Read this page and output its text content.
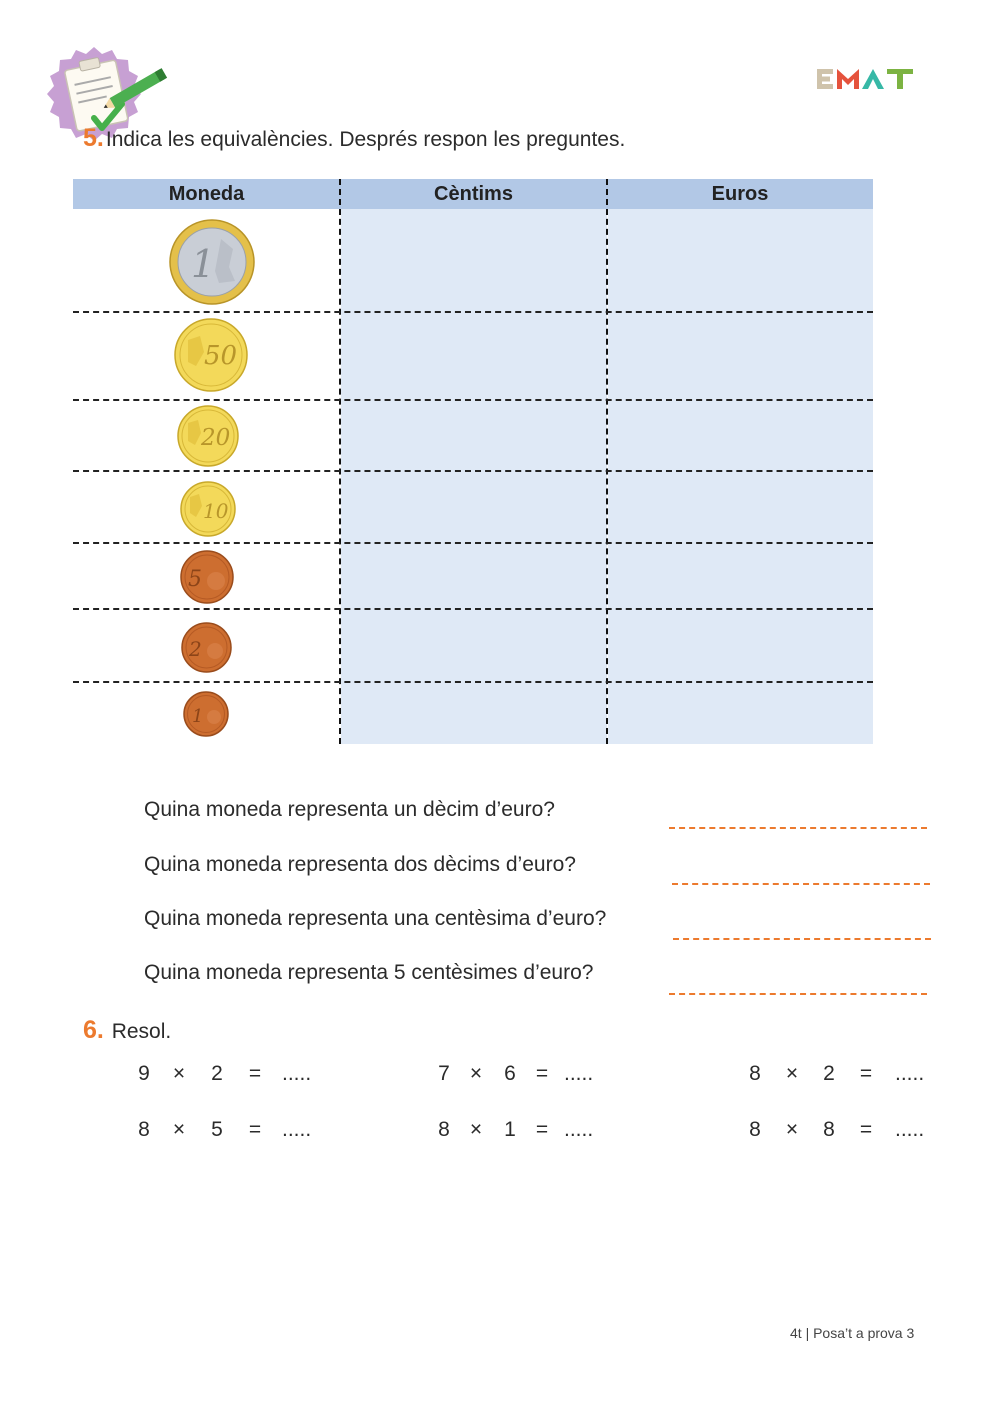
5.Indica les equivalències. Després respon les preguntes.
Moneda	Cèntims	Euros
1
50
20
10
5
2
1
Quina moneda representa un dècim d’euro?
Quina moneda representa dos dècims d’euro?
Quina moneda representa una centèsima d’euro?
Quina moneda representa 5 centèsimes d’euro?
6. Resol.
9 × 2 = .....	7 × 6 = .....	8 × 2 = .....
8 × 5 = .....	8 × 1 = .....	8 × 8 = .....
4t | Posa’t a prova 3
